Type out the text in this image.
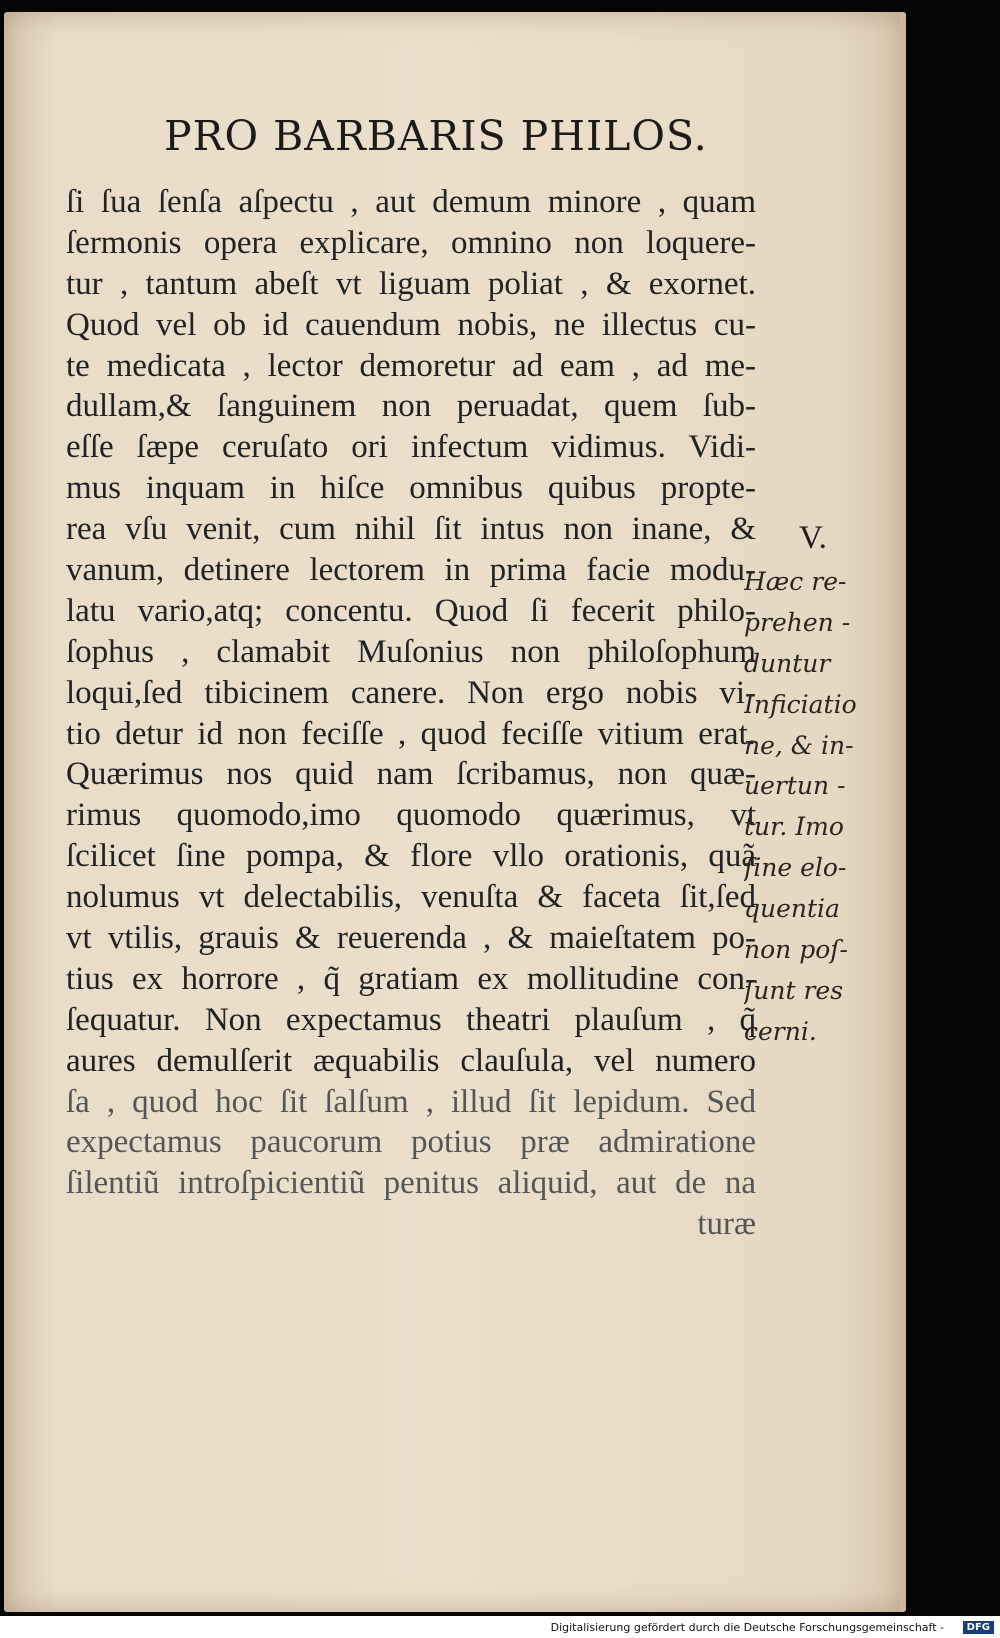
PRO BARBARIS PHILOS.
ſi ſua ſenſa aſpectu , aut demum minore , quam
ſermonis opera explicare, omnino non loquere-
tur , tantum abeſt vt liguam poliat , & exornet.
Quod vel ob id cauendum nobis, ne illectus cu-
te medicata , lector demoretur ad eam , ad me-
dullam,& ſanguinem non peruadat, quem ſub-
eſſe ſæpe ceruſato ori infectum vidimus. Vidi-
mus inquam in hiſce omnibus quibus propte-
rea vſu venit, cum nihil ſit intus non inane, &
vanum, detinere lectorem in prima facie modu-
latu vario,atq; concentu. Quod ſi fecerit philo-
ſophus , clamabit Muſonius non philoſophum
loqui,ſed tibicinem canere. Non ergo nobis vi-
tio detur id non feciſſe , quod feciſſe vitium erat.
Quærimus nos quid nam ſcribamus, non quæ-
rimus quomodo,imo quomodo quærimus, vt
ſcilicet ſine pompa, & flore vllo orationis, quã
nolumus vt delectabilis, venuſta & faceta ſit,ſed
vt vtilis, grauis & reuerenda , & maieſtatem po-
tius ex horrore , q̃ gratiam ex mollitudine con-
ſequatur. Non expectamus theatri plauſum , q̃
aures demulſerit æquabilis clauſula, vel numero
ſa , quod hoc ſit ſalſum , illud ſit lepidum. Sed
expectamus paucorum potius præ admiratione
ſilentiũ introſpicientiũ penitus aliquid, aut de na
turæ
V.
Hæc re-
prehen -
duntur
Inficiatio
ne, & in-
uertun -
tur. Imo
ſine elo-
quentia
non poſ-
ſunt res
cerni.
Digitalisierung gefördert durch die Deutsche Forschungsgemeinschaft -	DFG
